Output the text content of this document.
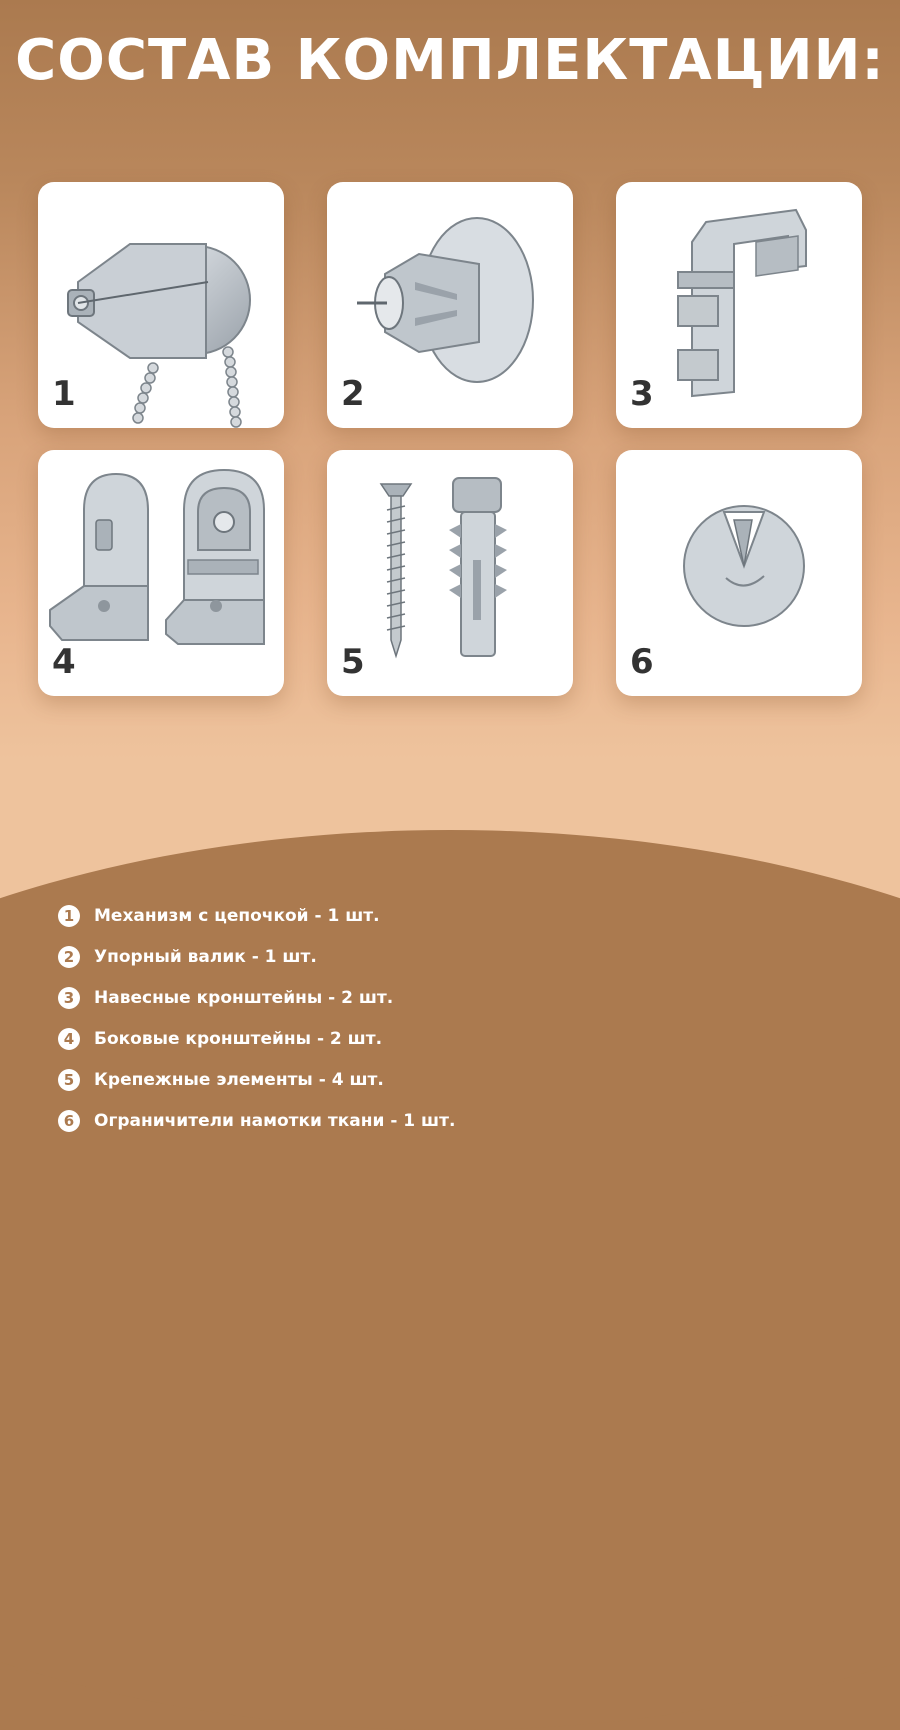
СОСТАВ КОМПЛЕКТАЦИИ:
1	2	3
4	5	6
1	Механизм с цепочкой - 1 шт.
2	Упорный валик - 1 шт.
3	Навесные кронштейны - 2 шт.
4	Боковые кронштейны - 2 шт.
5	Крепежные элементы - 4 шт.
6	Ограничители намотки ткани - 1 шт.
